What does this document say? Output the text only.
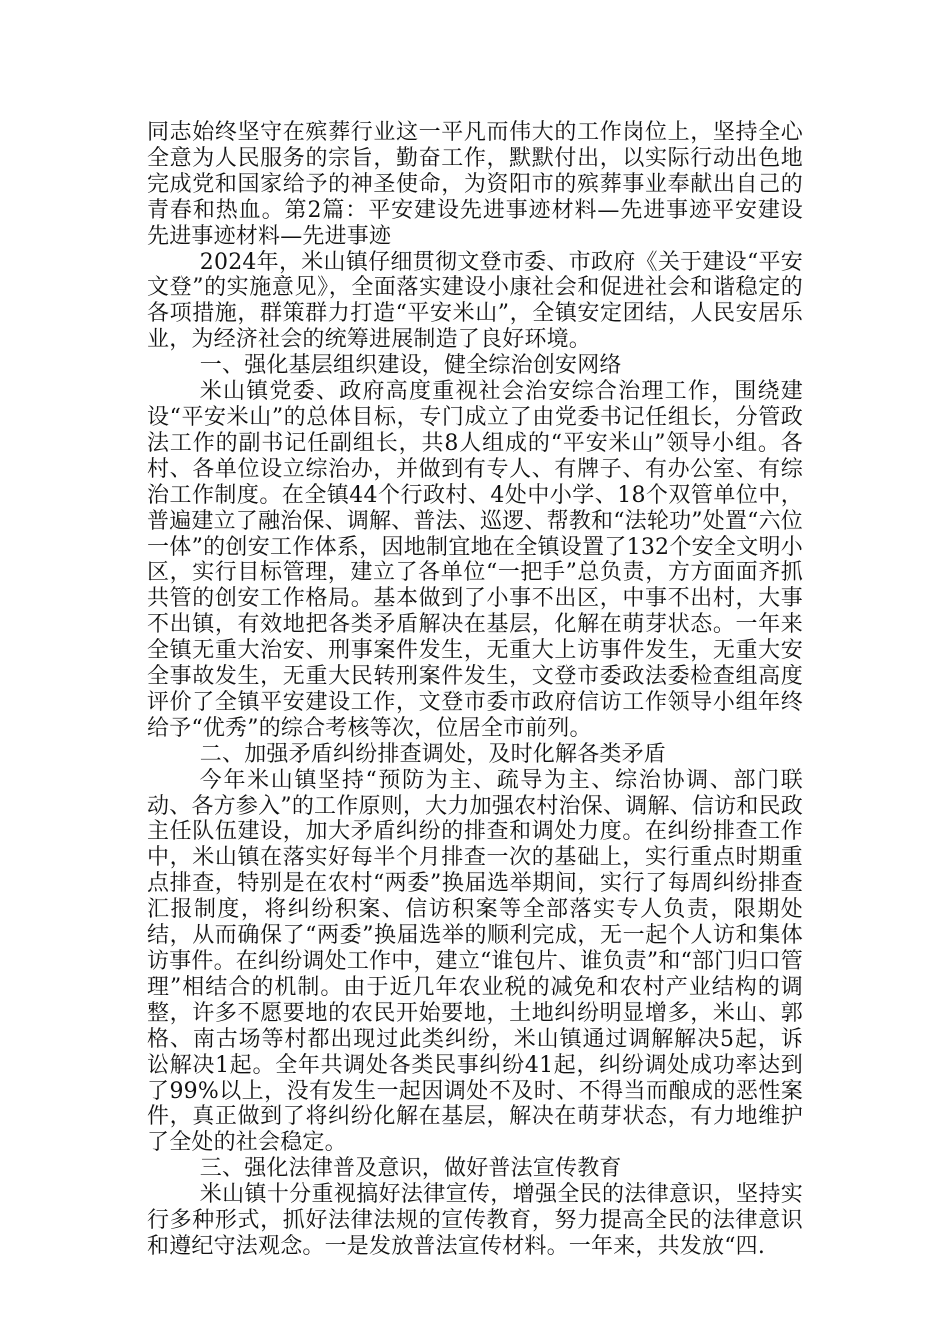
同志始终坚守在殡葬行业这一平凡而伟大的工作岗位上，坚持全心全意为人民服务的宗旨，勤奋工作，默默付出，以实际行动出色地完成党和国家给予的神圣使命，为资阳市的殡葬事业奉献出自己的青春和热血。第2篇：平安建设先进事迹材料—先进事迹平安建设先进事迹材料—先进事迹

2024年，米山镇仔细贯彻文登市委、市政府《关于建设“平安文登”的实施意见》，全面落实建设小康社会和促进社会和谐稳定的各项措施，群策群力打造“平安米山”，全镇安定团结，人民安居乐业，为经济社会的统筹进展制造了良好环境。

一、强化基层组织建设，健全综治创安网络

米山镇党委、政府高度重视社会治安综合治理工作，围绕建设“平安米山”的总体目标，专门成立了由党委书记任组长，分管政法工作的副书记任副组长，共8人组成的“平安米山”领导小组。各村、各单位设立综治办，并做到有专人、有牌子、有办公室、有综治工作制度。在全镇44个行政村、4处中小学、18个双管单位中，普遍建立了融治保、调解、普法、巡逻、帮教和“法轮功”处置“六位一体”的创安工作体系，因地制宜地在全镇设置了132个安全文明小区，实行目标管理，建立了各单位“一把手”总负责，方方面面齐抓共管的创安工作格局。基本做到了小事不出区，中事不出村，大事不出镇，有效地把各类矛盾解决在基层，化解在萌芽状态。一年来全镇无重大治安、刑事案件发生，无重大上访事件发生，无重大安全事故发生，无重大民转刑案件发生，文登市委政法委检查组高度评价了全镇平安建设工作，文登市委市政府信访工作领导小组年终给予“优秀”的综合考核等次，位居全市前列。

二、加强矛盾纠纷排查调处，及时化解各类矛盾

今年米山镇坚持“预防为主、疏导为主、综治协调、部门联动、各方参入”的工作原则，大力加强农村治保、调解、信访和民政主任队伍建设，加大矛盾纠纷的排查和调处力度。在纠纷排查工作中，米山镇在落实好每半个月排查一次的基础上，实行重点时期重点排查，特别是在农村“两委”换届选举期间，实行了每周纠纷排查汇报制度，将纠纷积案、信访积案等全部落实专人负责，限期处结，从而确保了“两委”换届选举的顺利完成，无一起个人访和集体访事件。在纠纷调处工作中，建立“谁包片、谁负责”和“部门归口管理”相结合的机制。由于近几年农业税的减免和农村产业结构的调整，许多不愿要地的农民开始要地，土地纠纷明显增多，米山、郭格、南古场等村都出现过此类纠纷，米山镇通过调解解决5起，诉讼解决1起。全年共调处各类民事纠纷41起，纠纷调处成功率达到了99%以上，没有发生一起因调处不及时、不得当而酿成的恶性案件，真正做到了将纠纷化解在基层，解决在萌芽状态，有力地维护了全处的社会稳定。

三、强化法律普及意识，做好普法宣传教育

米山镇十分重视搞好法律宣传，增强全民的法律意识，坚持实行多种形式，抓好法律法规的宣传教育，努力提高全民的法律意识和遵纪守法观念。一是发放普法宣传材料。一年来，共发放“四.
